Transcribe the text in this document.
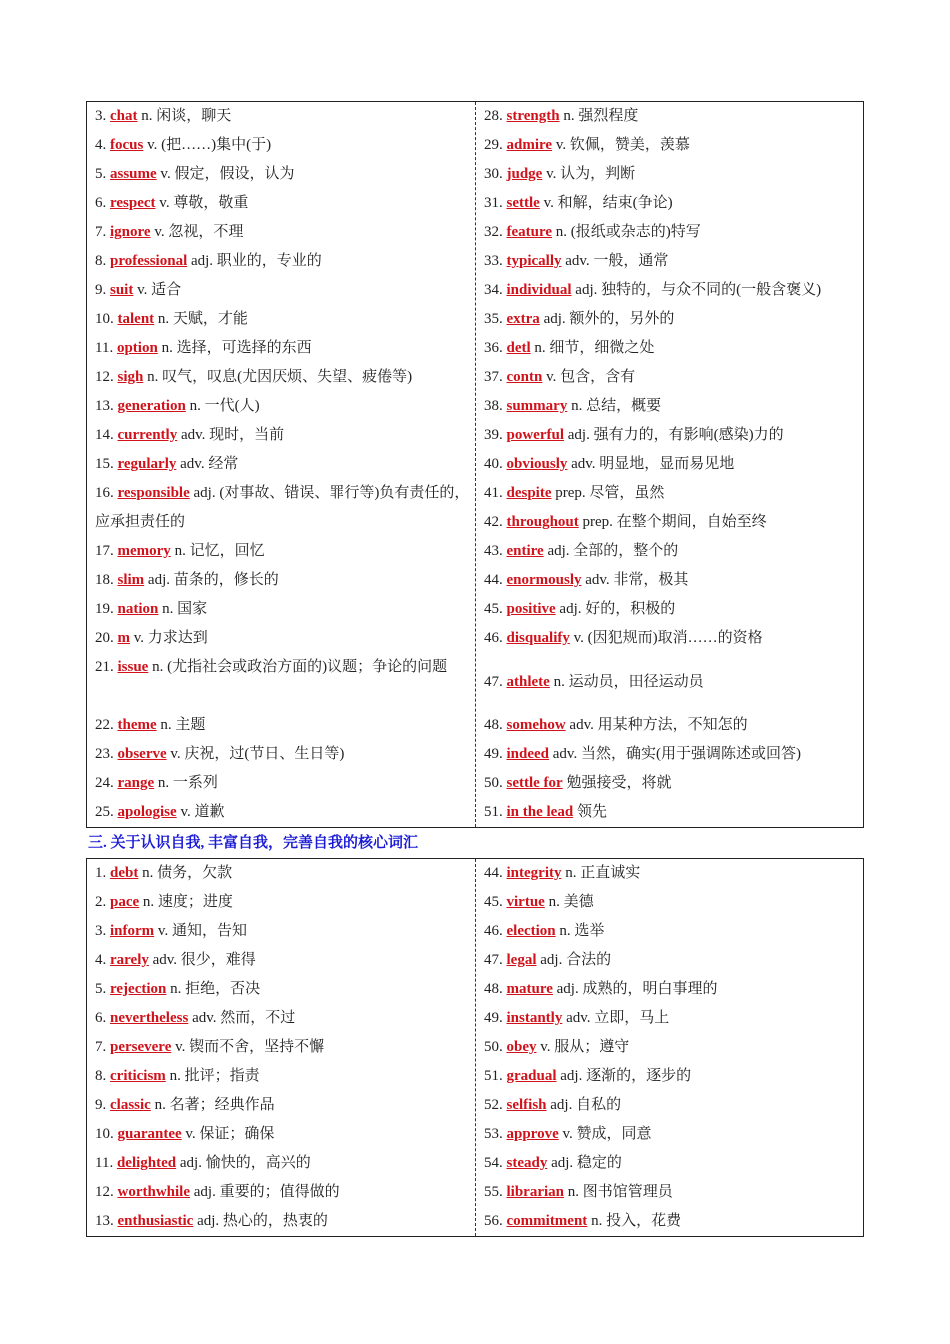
3. chat n. 闲谈，聊天
4. focus v. (把……)集中(于)
5. assume v. 假定，假设，认为
6. respect v. 尊敬，敬重
7. ignore v. 忽视，不理
8. professional adj. 职业的，专业的
9. suit v. 适合
10. talent n. 天赋，才能
11. option n. 选择，可选择的东西
12. sigh n. 叹气，叹息(尤因厌烦、失望、疲倦等)
13. generation n. 一代(人)
14. currently adv. 现时，当前
15. regularly adv. 经常
16. responsible adj. (对事故、错误、罪行等)负有责任的，应承担责任的
17. memory n. 记忆，回忆
18. slim adj. 苗条的，修长的
19. nation n. 国家
20. m v. 力求达到
21. issue n. (尤指社会或政治方面的)议题；争论的问题
22. theme n. 主题
23. observe v. 庆祝，过(节日、生日等)
24. range n. 一系列
25. apologise v. 道歉
28. strength n. 强烈程度
29. admire v. 钦佩，赞美，羡慕
30. judge v. 认为，判断
31. settle v. 和解，结束(争论)
32. feature n. (报纸或杂志的)特写
33. typically adv. 一般，通常
34. individual adj. 独特的，与众不同的(一般含褒义)
35. extra adj. 额外的，另外的
36. detl n. 细节，细微之处
37. contn v. 包含，含有
38. summary n. 总结，概要
39. powerful adj. 强有力的，有影响(感染)力的
40. obviously adv. 明显地，显而易见地
41. despite prep. 尽管，虽然
42. throughout prep. 在整个期间，自始至终
43. entire adj. 全部的，整个的
44. enormously adv. 非常，极其
45. positive adj. 好的，积极的
46. disqualify v. (因犯规而)取消……的资格
47. athlete n. 运动员，田径运动员
48. somehow adv. 用某种方法，不知怎的
49. indeed adv. 当然，确实(用于强调陈述或回答)
50. settle for 勉强接受，将就
51. in the lead 领先
三. 关于认识自我, 丰富自我，完善自我的核心词汇
1. debt n. 债务，欠款
2. pace n. 速度；进度
3. inform v. 通知，告知
4. rarely adv. 很少，难得
5. rejection n. 拒绝，否决
6. nevertheless adv. 然而，不过
7. persevere v. 锲而不舍，坚持不懈
8. criticism n. 批评；指责
9. classic n. 名著；经典作品
10. guarantee v. 保证；确保
11. delighted adj. 愉快的，高兴的
12. worthwhile adj. 重要的；值得做的
13. enthusiastic adj. 热心的，热衷的
44. integrity n. 正直诚实
45. virtue n. 美德
46. election n. 选举
47. legal adj. 合法的
48. mature adj. 成熟的，明白事理的
49. instantly adv. 立即，马上
50. obey v. 服从；遵守
51. gradual adj. 逐渐的，逐步的
52. selfish adj. 自私的
53. approve v. 赞成，同意
54. steady adj. 稳定的
55. librarian n. 图书馆管理员
56. commitment n. 投入，花费
